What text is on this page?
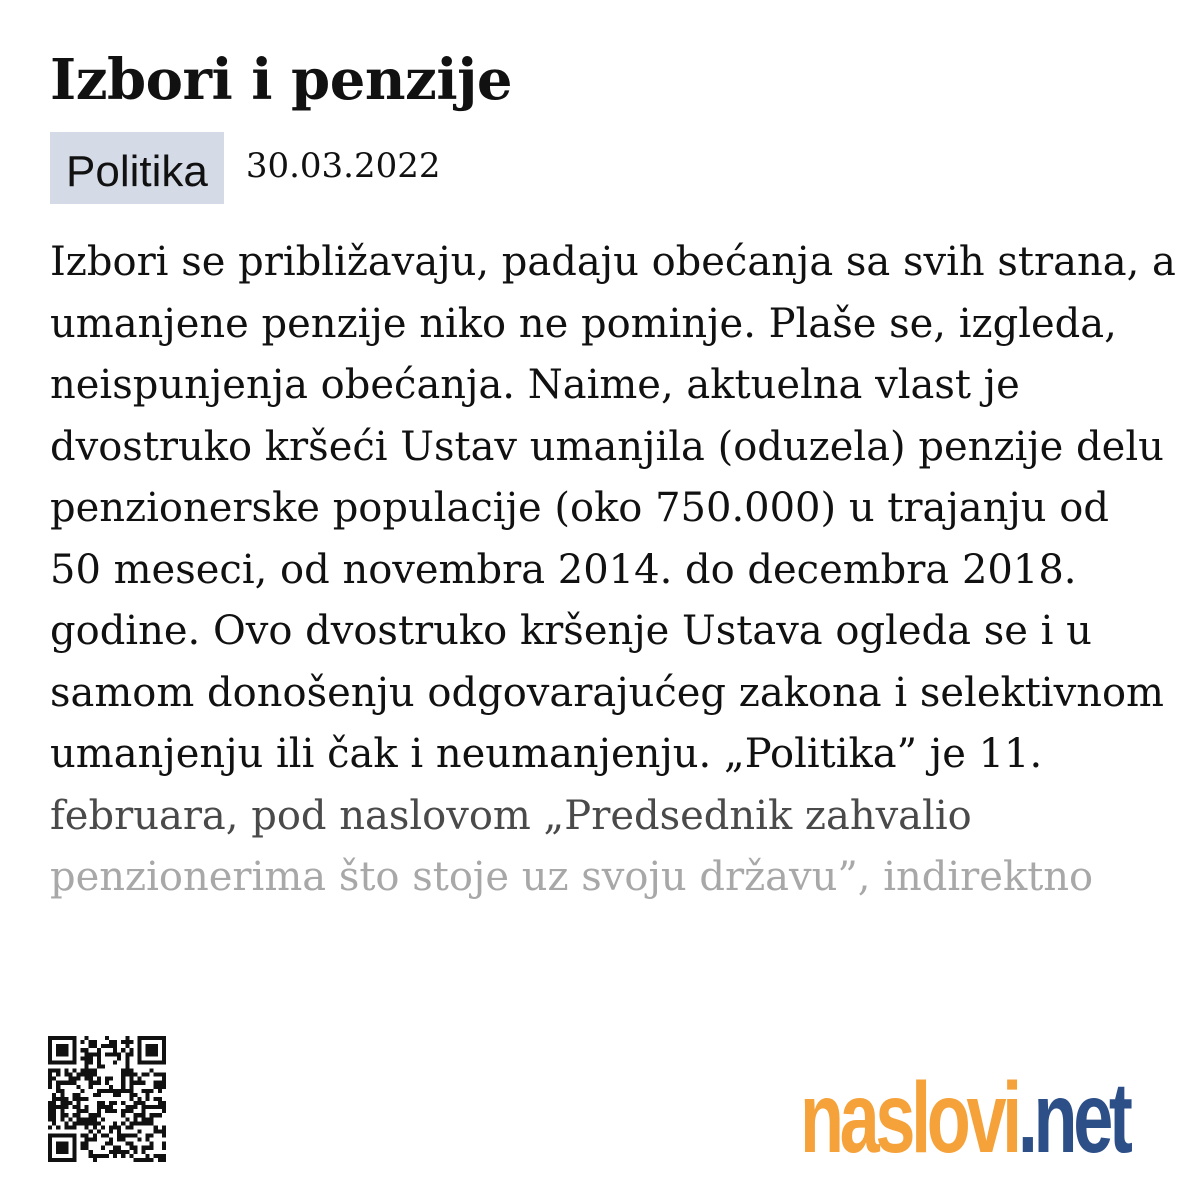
Izbori i penzije
Politika	30.03.2022
Izbori se približavaju, padaju obećanja sa svih strana, a
umanjene penzije niko ne pominje. Plaše se, izgleda,
neispunjenja obećanja. Naime, aktuelna vlast je
dvostruko kršeći Ustav umanjila (oduzela) penzije delu
penzionerske populacije (oko 750.000) u trajanju od
50 meseci, od novembra 2014. do decembra 2018.
godine. Ovo dvostruko kršenje Ustava ogleda se i u
samom donošenju odgovarajućeg zakona i selektivnom
umanjenju ili čak i neumanjenju. „Politika” je 11.
februara, pod naslovom „Predsednik zahvalio
penzionerima što stoje uz svoju državu”, indirektno
naslovi.net
